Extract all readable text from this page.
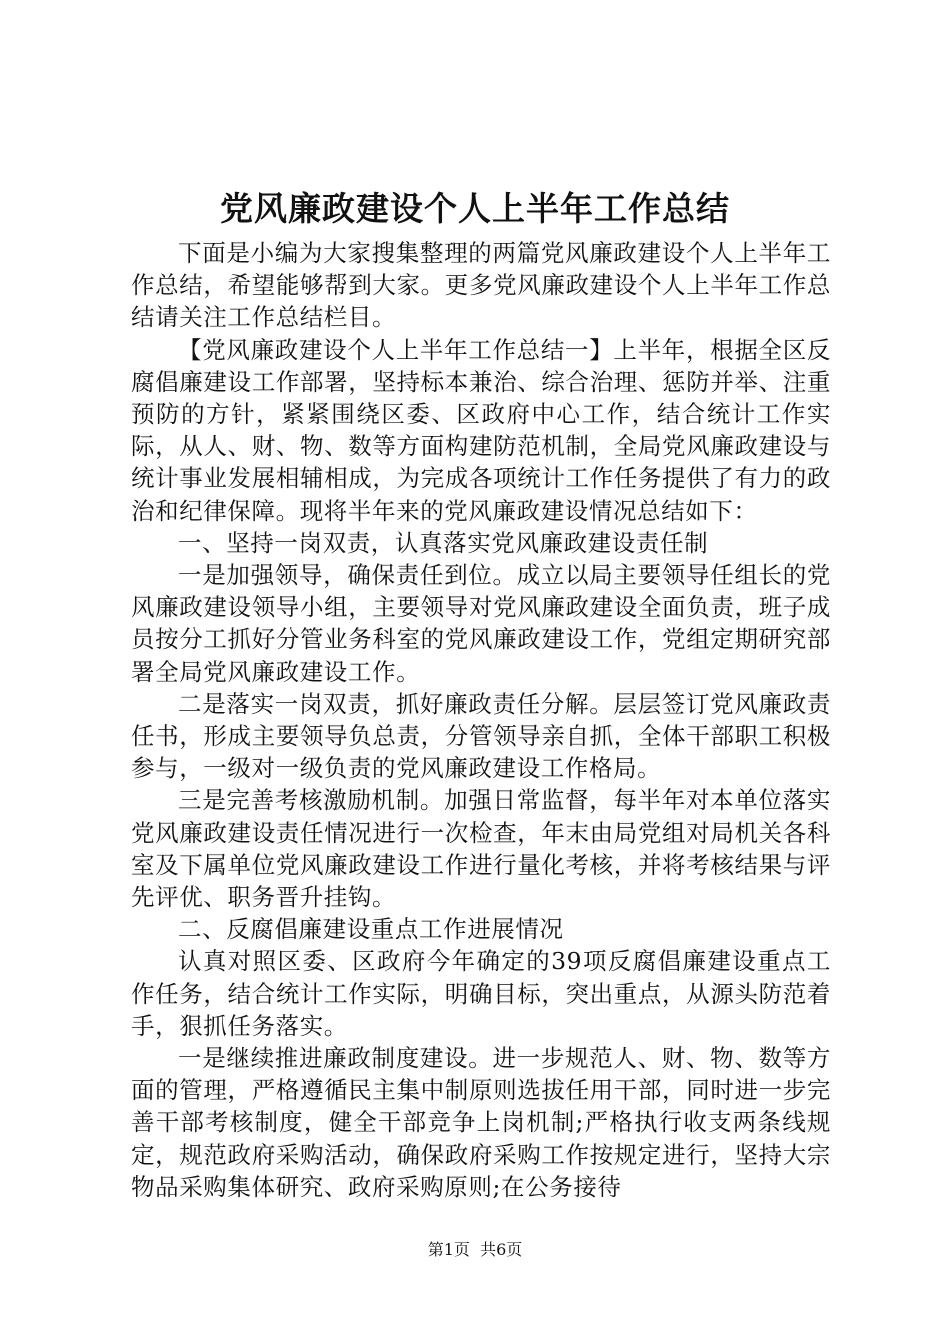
党风廉政建设个人上半年工作总结

下面是小编为大家搜集整理的两篇党风廉政建设个人上半年工作总结，希望能够帮到大家。更多党风廉政建设个人上半年工作总结请关注工作总结栏目。

【党风廉政建设个人上半年工作总结一】上半年，根据全区反腐倡廉建设工作部署，坚持标本兼治、综合治理、惩防并举、注重预防的方针，紧紧围绕区委、区政府中心工作，结合统计工作实际，从人、财、物、数等方面构建防范机制，全局党风廉政建设与统计事业发展相辅相成，为完成各项统计工作任务提供了有力的政治和纪律保障。现将半年来的党风廉政建设情况总结如下：

一、坚持一岗双责，认真落实党风廉政建设责任制

一是加强领导，确保责任到位。成立以局主要领导任组长的党风廉政建设领导小组，主要领导对党风廉政建设全面负责，班子成员按分工抓好分管业务科室的党风廉政建设工作，党组定期研究部署全局党风廉政建设工作。

二是落实一岗双责，抓好廉政责任分解。层层签订党风廉政责任书，形成主要领导负总责，分管领导亲自抓，全体干部职工积极参与，一级对一级负责的党风廉政建设工作格局。

三是完善考核激励机制。加强日常监督，每半年对本单位落实党风廉政建设责任情况进行一次检查，年末由局党组对局机关各科室及下属单位党风廉政建设工作进行量化考核，并将考核结果与评先评优、职务晋升挂钩。

二、反腐倡廉建设重点工作进展情况

认真对照区委、区政府今年确定的39项反腐倡廉建设重点工作任务，结合统计工作实际，明确目标，突出重点，从源头防范着手，狠抓任务落实。

一是继续推进廉政制度建设。进一步规范人、财、物、数等方面的管理，严格遵循民主集中制原则选拔任用干部，同时进一步完善干部考核制度，健全干部竞争上岗机制;严格执行收支两条线规定，规范政府采购活动，确保政府采购工作按规定进行，坚持大宗物品采购集体研究、政府采购原则;在公务接待

第1页 共6页
